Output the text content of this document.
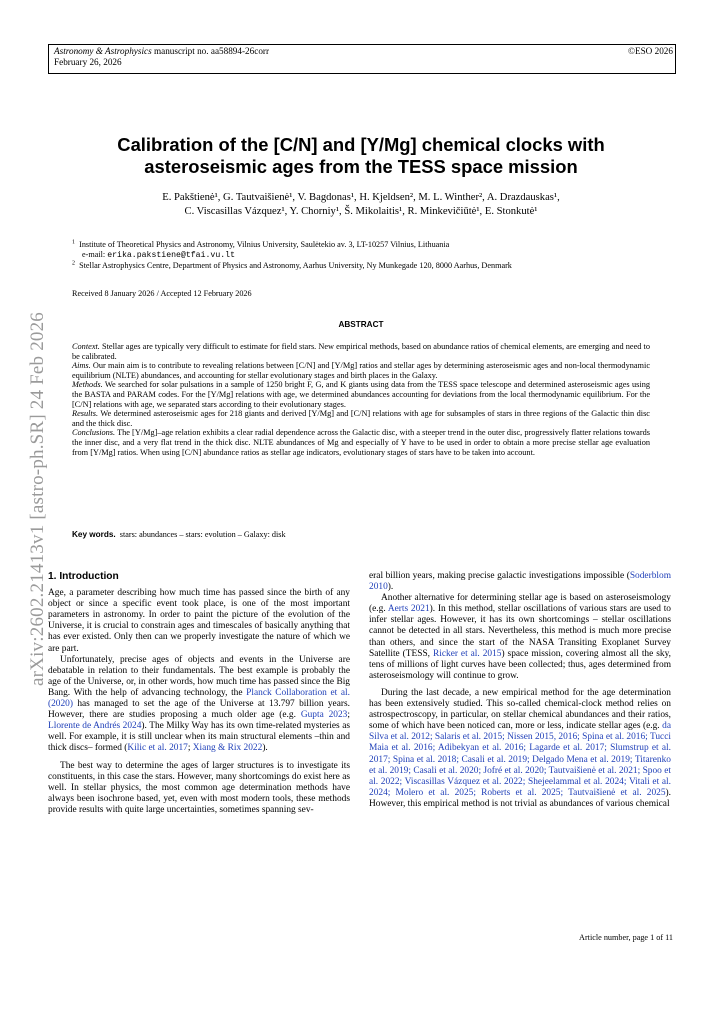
Astronomy & Astrophysics manuscript no. aa58894-26corr
February 26, 2026
©ESO 2026
arXiv:2602.21413v1 [astro-ph.SR] 24 Feb 2026
Calibration of the [C/N] and [Y/Mg] chemical clocks with
asteroseismic ages from the TESS space mission
E. Pakštienė¹, G. Tautvaišienė¹, V. Bagdonas¹, H. Kjeldsen², M. L. Winther², A. Drazdauskas¹,
C. Viscasillas Vázquez¹, Y. Chorniy¹, Š. Mikolaitis¹, R. Minkevičiūtė¹, E. Stonkutė¹
$^1$ Institute of Theoretical Physics and Astronomy, Vilnius University, Saulėtekio av. 3, LT-10257 Vilnius, Lithuania
e-mail: erika.pakstiene@tfai.vu.lt
$^2$ Stellar Astrophysics Centre, Department of Physics and Astronomy, Aarhus University, Ny Munkegade 120, 8000 Aarhus, Denmark
Received 8 January 2026 / Accepted 12 February 2026
ABSTRACT

Context. Stellar ages are typically very difficult to estimate for field stars. New empirical methods, based on abundance ratios of chemical elements, are emerging and need to be calibrated.

Aims. Our main aim is to contribute to revealing relations between [C/N] and [Y/Mg] ratios and stellar ages by determining asteroseismic ages and non-local thermodynamic equilibrium (NLTE) abundances, and accounting for stellar evolutionary stages and birth places in the Galaxy.

Methods. We searched for solar pulsations in a sample of 1250 bright F, G, and K giants using data from the TESS space telescope and determined asteroseismic ages using the BASTA and PARAM codes. For the [Y/Mg] relations with age, we determined abundances accounting for deviations from the local thermodynamic equilibrium. For the [C/N] relations with age, we separated stars according to their evolutionary stages.

Results. We determined asteroseismic ages for 218 giants and derived [Y/Mg] and [C/N] relations with age for subsamples of stars in three regions of the Galactic thin disc and the thick disc.

Conclusions. The [Y/Mg]–age relation exhibits a clear radial dependence across the Galactic disc, with a steeper trend in the outer disc, progressively flatter relations towards the inner disc, and a very flat trend in the thick disc. NLTE abundances of Mg and especially of Y have to be used in order to obtain a more precise stellar age evaluation from [Y/Mg] ratios. When using [C/N] abundance ratios as stellar age indicators, evolutionary stages of stars have to be taken into account.

Key words. stars: abundances – stars: evolution – Galaxy: disk
1. Introduction

Age, a parameter describing how much time has passed since the birth of any object or since a specific event took place, is one of the most important parameters in astronomy. In order to paint the picture of the evolution of the Universe, it is crucial to constrain ages and timescales of basically anything that has ever existed. Only then can we properly investigate the nature of which we are part.

Unfortunately, precise ages of objects and events in the Universe are debatable in relation to their fundamentals. The best example is probably the age of the Universe, or, in other words, how much time has passed since the Big Bang. With the help of advancing technology, the Planck Collaboration et al. (2020) has managed to set the age of the Universe at 13.797 billion years. However, there are studies proposing a much older age (e.g. Gupta 2023; Llorente de Andrés 2024). The Milky Way has its own time-related mysteries as well. For example, it is still unclear when its main structural elements –thin and thick discs– formed (Kilic et al. 2017; Xiang & Rix 2022).

The best way to determine the ages of larger structures is to investigate its constituents, in this case the stars. However, many shortcomings do exist here as well. In stellar physics, the most common age determination methods have always been isochrone based, yet, even with most modern tools, these methods provide results with quite large uncertainties, sometimes spanning sev-

eral billion years, making precise galactic investigations impossible (Soderblom 2010).

Another alternative for determining stellar age is based on asteroseismology (e.g. Aerts 2021). In this method, stellar oscillations of various stars are used to infer stellar ages. However, it has its own shortcomings – stellar oscillations cannot be detected in all stars. Nevertheless, this method is much more precise than others, and since the start of the NASA Transiting Exoplanet Survey Satellite (TESS, Ricker et al. 2015) space mission, covering almost all the sky, tens of millions of light curves have been collected; thus, ages determined from asteroseismology will continue to grow.

During the last decade, a new empirical method for the age determination has been extensively studied. This so-called chemical-clock method relies on astrospectroscopy, in particular, on stellar chemical abundances and their ratios, some of which have been noticed can, more or less, indicate stellar ages (e.g. da Silva et al. 2012; Salaris et al. 2015; Nissen 2015, 2016; Spina et al. 2016; Tucci Maia et al. 2016; Adibekyan et al. 2016; Lagarde et al. 2017; Slumstrup et al. 2017; Spina et al. 2018; Casali et al. 2019; Delgado Mena et al. 2019; Titarenko et al. 2019; Casali et al. 2020; Jofré et al. 2020; Tautvaišienė et al. 2021; Spoo et al. 2022; Viscasillas Vázquez et al. 2022; Shejeelammal et al. 2024; Vitali et al. 2024; Molero et al. 2025; Roberts et al. 2025; Tautvaišienė et al. 2025). However, this empirical method is not trivial as abundances of various chemical

Article number, page 1 of 11
